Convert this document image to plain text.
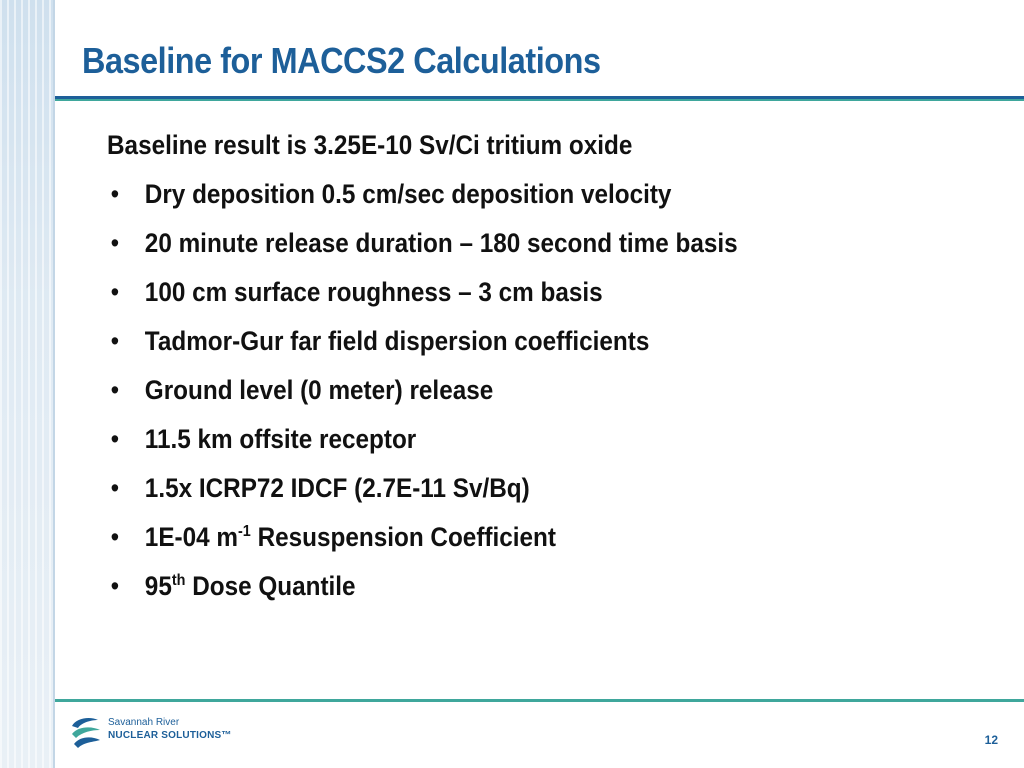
Baseline for MACCS2 Calculations
Baseline result is 3.25E-10 Sv/Ci tritium oxide
• Dry deposition 0.5 cm/sec deposition velocity
• 20 minute release duration – 180 second time basis
• 100 cm surface roughness – 3 cm basis
• Tadmor-Gur far field dispersion coefficients
• Ground level (0 meter) release
• 11.5 km offsite receptor
• 1.5x ICRP72 IDCF (2.7E-11 Sv/Bq)
• 1E-04 $m^{-1}$ Resuspension Coefficient
• 95th Dose Quantile
Savannah River
NUCLEAR SOLUTIONS™	12
